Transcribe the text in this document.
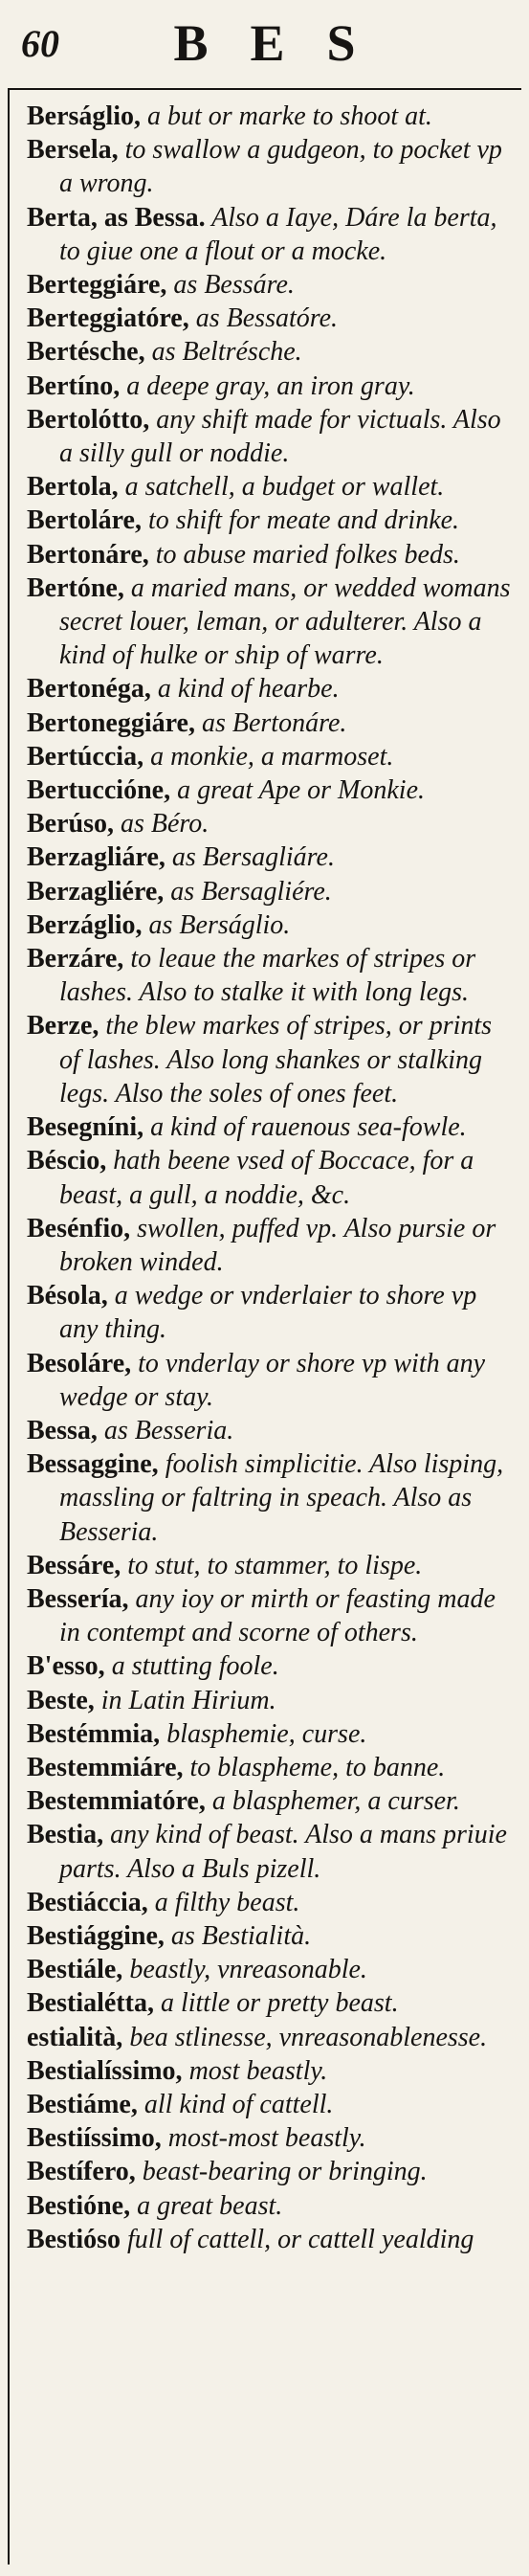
60	BES
Berságlio, a but or marke to shoot at.
Bersela, to swallow a gudgeon, to pocket vp a wrong.
Berta, as Bessa. Also a Iaye, Dáre la berta, to giue one a flout or a mocke.
Berteggiáre, as Bessáre.
Berteggiatóre, as Bessatóre.
Bertésche, as Beltrésche.
Bertíno, a deepe gray, an iron gray.
Bertolótto, any shift made for victuals. Also a silly gull or noddie.
Bertola, a satchell, a budget or wallet.
Bertoláre, to shift for meate and drinke.
Bertonáre, to abuse maried folkes beds.
Bertóne, a maried mans, or wedded womans secret louer, leman, or adulterer. Also a kind of hulke or ship of warre.
Bertonéga, a kind of hearbe.
Bertoneggiáre, as Bertonáre.
Bertúccia, a monkie, a marmoset.
Bertuccióne, a great Ape or Monkie.
Berúso, as Béro.
Berzagliáre, as Bersagliáre.
Berzagliére, as Bersagliére.
Berzáglio, as Berságlio.
Berzáre, to leaue the markes of stripes or lashes. Also to stalke it with long legs.
Berze, the blew markes of stripes, or prints of lashes. Also long shankes or stalking legs. Also the soles of ones feet.
Besegníni, a kind of rauenous sea-fowle.
Béscio, hath beene vsed of Boccace, for a beast, a gull, a noddie, &c.
Besénfio, swollen, puffed vp. Also pursie or broken winded.
Bésola, a wedge or vnderlaier to shore vp any thing.
Besoláre, to vnderlay or shore vp with any wedge or stay.
Bessa, as Besseria.
Bessaggine, foolish simplicitie. Also lisping, massling or faltring in speach. Also as Besseria.
Bessáre, to stut, to stammer, to lispe.
Bessería, any ioy or mirth or feasting made in contempt and scorne of others.
B'esso, a stutting foole.
Beste, in Latin Hirium.
Bestémmia, blasphemie, curse.
Bestemmiáre, to blaspheme, to banne.
Bestemmiatóre, a blasphemer, a curser.
Bestia, any kind of beast. Also a mans priuie parts. Also a Buls pizell.
Bestiáccia, a filthy beast.
Bestiággine, as Bestialità.
Bestiále, beastly, vnreasonable.
Bestialétta, a little or pretty beast.
estialità, bea stlinesse, vnreasonablenesse.
Bestialíssimo, most beastly.
Bestiáme, all kind of cattell.
Bestiíssimo, most-most beastly.
Bestífero, beast-bearing or bringing.
Bestióne, a great beast.
Bestióso full of cattell, or cattell yealding
